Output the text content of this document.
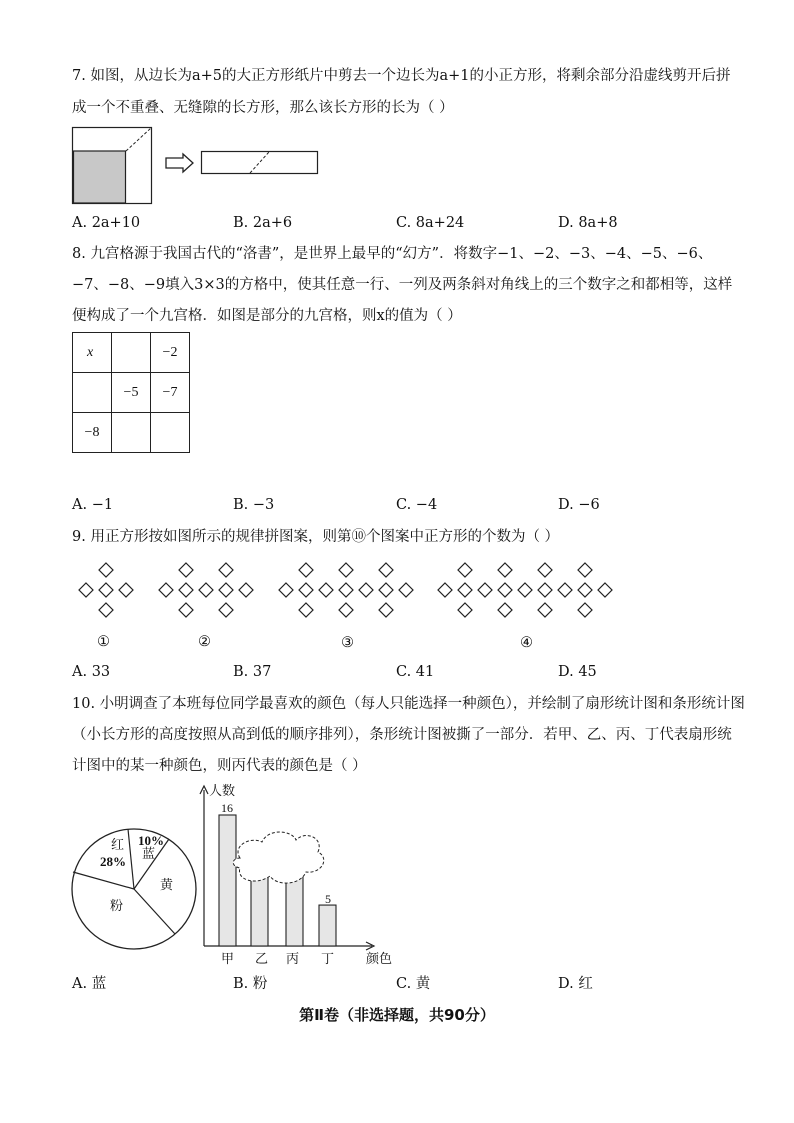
7. 如图，从边长为a+5的大正方形纸片中剪去一个边长为a+1的小正方形，将剩余部分沿虚线剪开后拼
成一个不重叠、无缝隙的长方形，那么该长方形的长为（ ）
A. 2a+10	B. 2a+6	C. 8a+24	D. 8a+8
8. 九宫格源于我国古代的“洛書”，是世界上最早的“幻方”．将数字−1、−2、−3、−4、−5、−6、
−7、−8、−9填入3×3的方格中，使其任意一行、一列及两条斜对角线上的三个数字之和都相等，这样
便构成了一个九宫格．如图是部分的九宫格，则x的值为（ ）
x		−2
	−5	−7
−8		
A. −1	B. −3	C. −4	D. −6
9. 用正方形按如图所示的规律拼图案，则第⑩个图案中正方形的个数为（ ）
①	②	③	④
A. 33	B. 37	C. 41	D. 45
10. 小明调查了本班每位同学最喜欢的颜色（每人只能选择一种颜色），并绘制了扇形统计图和条形统计图
（小长方形的高度按照从高到低的顺序排列），条形统计图被撕了一部分．若甲、乙、丙、丁代表扇形统
计图中的某一种颜色，则丙代表的颜色是（ ）
红
28%
10%
蓝
黄
粉
人数
颜色
甲 乙 丙 丁
16
5
A. 蓝	B. 粉	C. 黄	D. 红
第Ⅱ卷（非选择题，共90分）
